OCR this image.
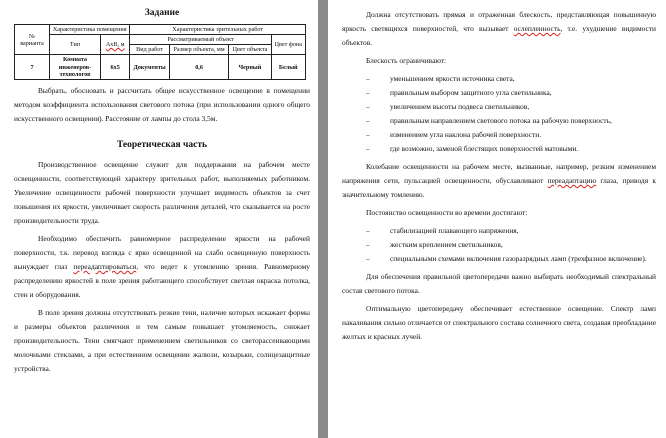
Задание
№ варианта	Характеристика помещения		Характеристика зрительных работ			
	Тип	АхВ, м	Рассматриваемый объект			Цвет фона
			Вид работ	Размер объекта, мм	Цвет объекта	
7	Комната инженеров-технологов	6х5	Документы	0,6	Черный	Белый

Выбрать, обосновать и рассчитать общее искусственное освещение в помещении методом коэффициента использования светового потока (при использовании одного общего искусственного освещения). Расстояние от лампы до стола 3,5м.

Теоретическая часть

Производственное освещение служит для поддержания на рабочем месте освещенности, соответствующей характеру зрительных работ, выполняемых работником. Увеличение освещенности рабочей поверхности улучшает видимость объектов за счет повышения их яркости, увеличивает скорость различения деталей, что сказывается на росте производительности труда.

Необходимо обеспечить равномерное распределение яркости на рабочей поверхности, т.к. перевод взгляда с ярко освещенной на слабо освещенную поверхность вынуждает глаз переадаптироваться, что ведет к утомлению зрения. Равномерному распределению яркостей в поле зрения работающего способствует светлая окраска потолка, стен и оборудования.

В поле зрения должны отсутствовать резкие тени, наличие которых искажает формы и размеры объектов различения и тем самым повышает утомляемость, снижает производительность. Тени смягчают применением светильников со светорассеивающими молочными стеклами, а при естественном освещении жалюзи, козырьки, солнцезащитные устройства.

Должна отсутствовать прямая и отраженная блескость, представляющая повышенную яркость светящихся поверхностей, что вызывает ослепленность, т.е. ухудшение видимости объектов.

Блескость ограничивают:

–	уменьшением яркости источника света,
–	правильным выбором защитного угла светильника,
–	увеличением высоты подвеса светильников,
–	правильным направлением светового потока на рабочую поверхность,
–	изменением угла наклона рабочей поверхности.
–	где возможно, заменой блестящих поверхностей матовыми.

Колебание освещенности на рабочем месте, вызванные, например, резким изменением напряжения сети, пульсацией освещенности, обуславливают переадаптацию глаза, приводя к значительному томлению.

Постоянство освещенности во времени достигают:

–	стабилизацией плавающего напряжения,
–	жестким креплением светильников,
–	специальными схемами включения газоразрядных ламп (трехфазное включение).

Для обеспечения правильной цветопередачи важно выбирать необходимый спектральный состав светового потока.

Оптимальную цветопередачу обеспечивает естественное освещение. Спектр ламп накаливания сильно отличается от спектрального состава солнечного света, создавая преобладание желтых и красных лучей.
